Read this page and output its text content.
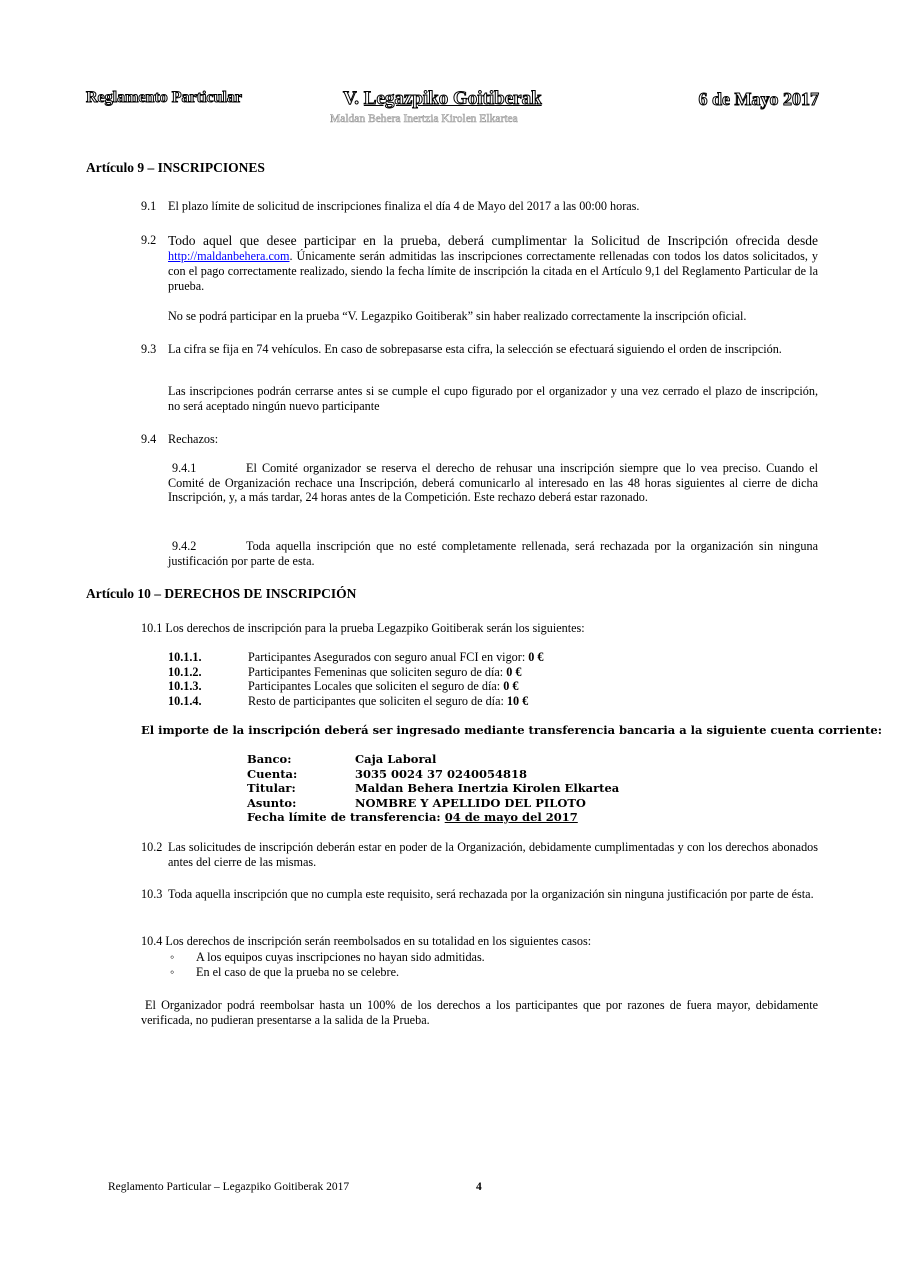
Reglamento Particular	V. Legazpiko Goitiberak
Maldan Behera Inertzia Kirolen Elkartea
6 de Mayo 2017
Artículo 9 – INSCRIPCIONES
9.1 El plazo límite de solicitud de inscripciones finaliza el día 4 de Mayo del 2017 a las 00:00 horas.
9.2 Todo aquel que desee participar en la prueba, deberá cumplimentar la Solicitud de Inscripción ofrecida desde http://maldanbehera.com. Únicamente serán admitidas las inscripciones correctamente rellenadas con todos los datos solicitados, y con el pago correctamente realizado, siendo la fecha límite de inscripción la citada en el Artículo 9,1 del Reglamento Particular de la prueba.
No se podrá participar en la prueba “V. Legazpiko Goitiberak” sin haber realizado correctamente la inscripción oficial.
9.3 La cifra se fija en 74 vehículos. En caso de sobrepasarse esta cifra, la selección se efectuará siguiendo el orden de inscripción.
Las inscripciones podrán cerrarse antes si se cumple el cupo figurado por el organizador y una vez cerrado el plazo de inscripción, no será aceptado ningún nuevo participante
9.4 Rechazos:
9.4.1	El Comité organizador se reserva el derecho de rehusar una inscripción siempre que lo vea preciso. Cuando el Comité de Organización rechace una Inscripción, deberá comunicarlo al interesado en las 48 horas siguientes al cierre de dicha Inscripción, y, a más tardar, 24 horas antes de la Competición. Este rechazo deberá estar razonado.
9.4.2	Toda aquella inscripción que no esté completamente rellenada, será rechazada por la organización sin ninguna justificación por parte de esta.
Artículo 10 – DERECHOS DE INSCRIPCIÓN
10.1 Los derechos de inscripción para la prueba Legazpiko Goitiberak serán los siguientes:
10.1.1.	Participantes Asegurados con seguro anual FCI en vigor: 0 €
10.1.2.	Participantes Femeninas que soliciten seguro de día: 0 €
10.1.3.	Participantes Locales que soliciten el seguro de día: 0 €
10.1.4.	Resto de participantes que soliciten el seguro de día: 10 €
El importe de la inscripción deberá ser ingresado mediante transferencia bancaria a la siguiente cuenta corriente:
Banco:	Caja Laboral
Cuenta:	3035 0024 37 0240054818
Titular:	Maldan Behera Inertzia Kirolen Elkartea
Asunto:	NOMBRE Y APELLIDO DEL PILOTO
Fecha límite de transferencia: 04 de mayo del 2017
10.2 Las solicitudes de inscripción deberán estar en poder de la Organización, debidamente cumplimentadas y con los derechos abonados antes del cierre de las mismas.
10.3 Toda aquella inscripción que no cumpla este requisito, será rechazada por la organización sin ninguna justificación por parte de ésta.
10.4 Los derechos de inscripción serán reembolsados en su totalidad en los siguientes casos:
◦ A los equipos cuyas inscripciones no hayan sido admitidas.
◦ En el caso de que la prueba no se celebre.
El Organizador podrá reembolsar hasta un 100% de los derechos a los participantes que por razones de fuera mayor, debidamente verificada, no pudieran presentarse a la salida de la Prueba.
Reglamento Particular – Legazpiko Goitiberak 2017	4
